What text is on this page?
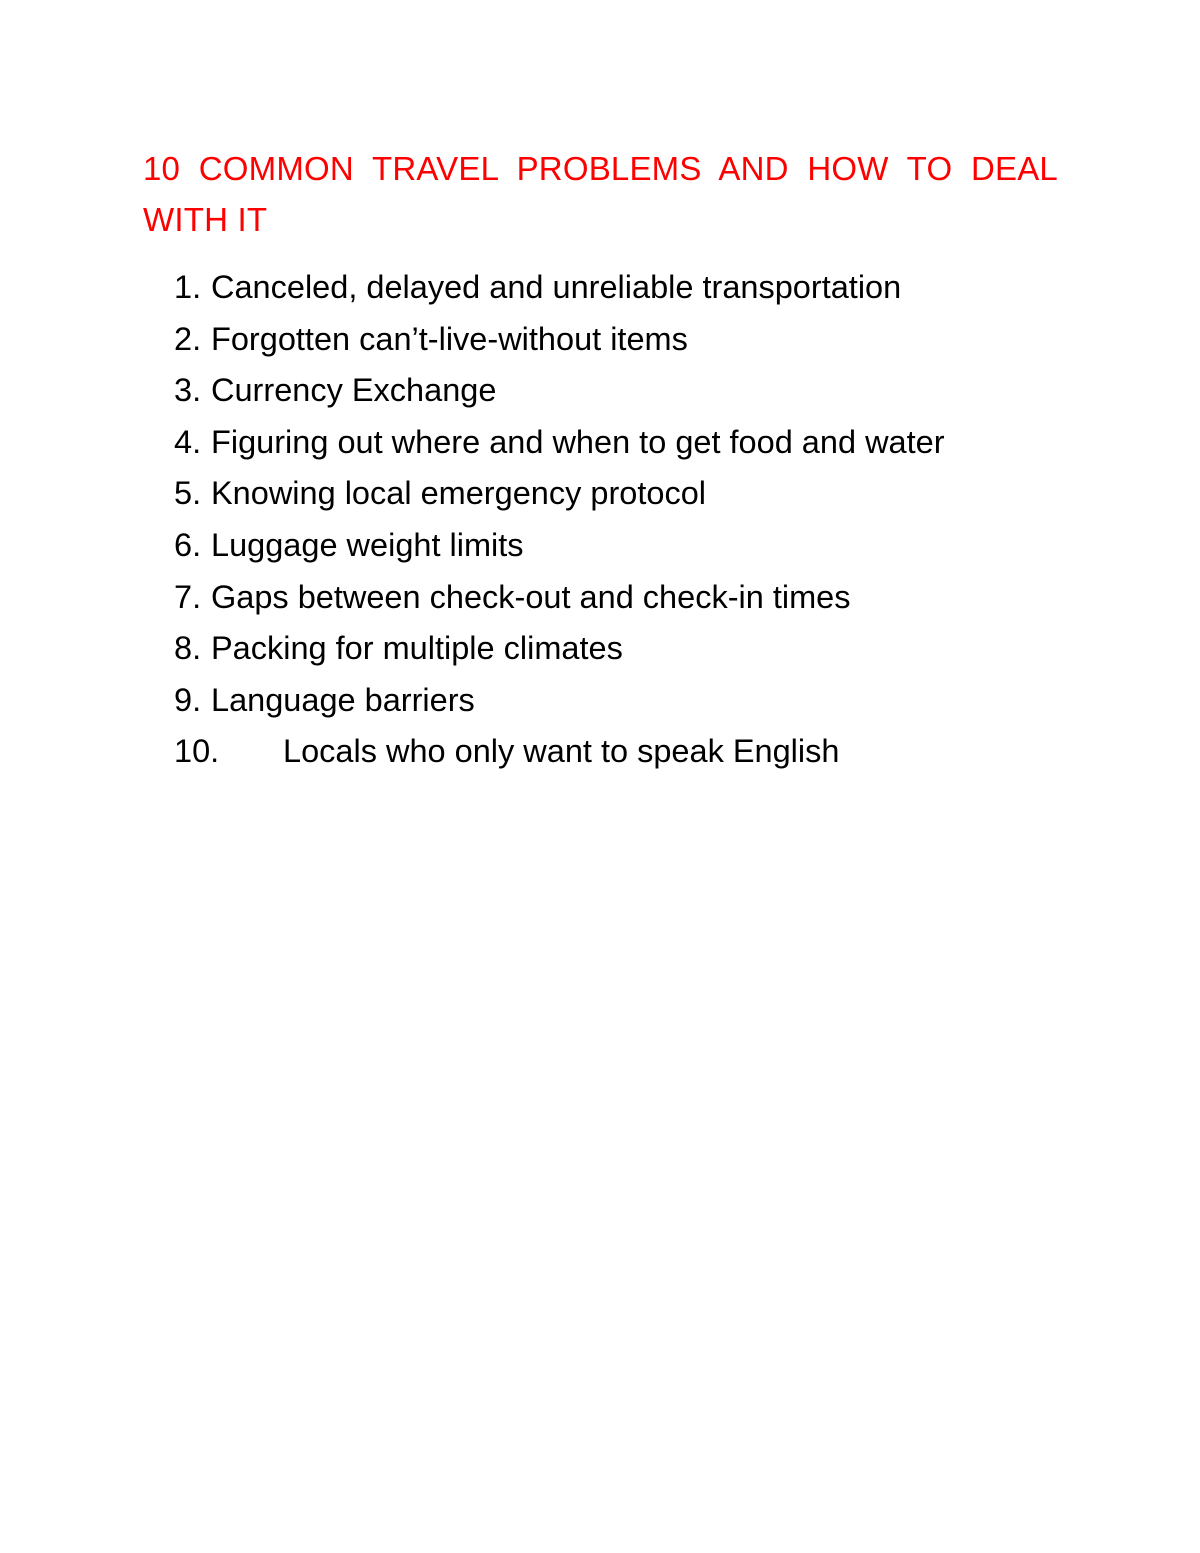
10 COMMON TRAVEL PROBLEMS AND HOW TO DEAL WITH IT
1. Canceled, delayed and unreliable transportation
2. Forgotten can’t-live-without items
3. Currency Exchange
4. Figuring out where and when to get food and water
5. Knowing local emergency protocol
6. Luggage weight limits
7. Gaps between check-out and check-in times
8. Packing for multiple climates
9. Language barriers
10. Locals who only want to speak English
